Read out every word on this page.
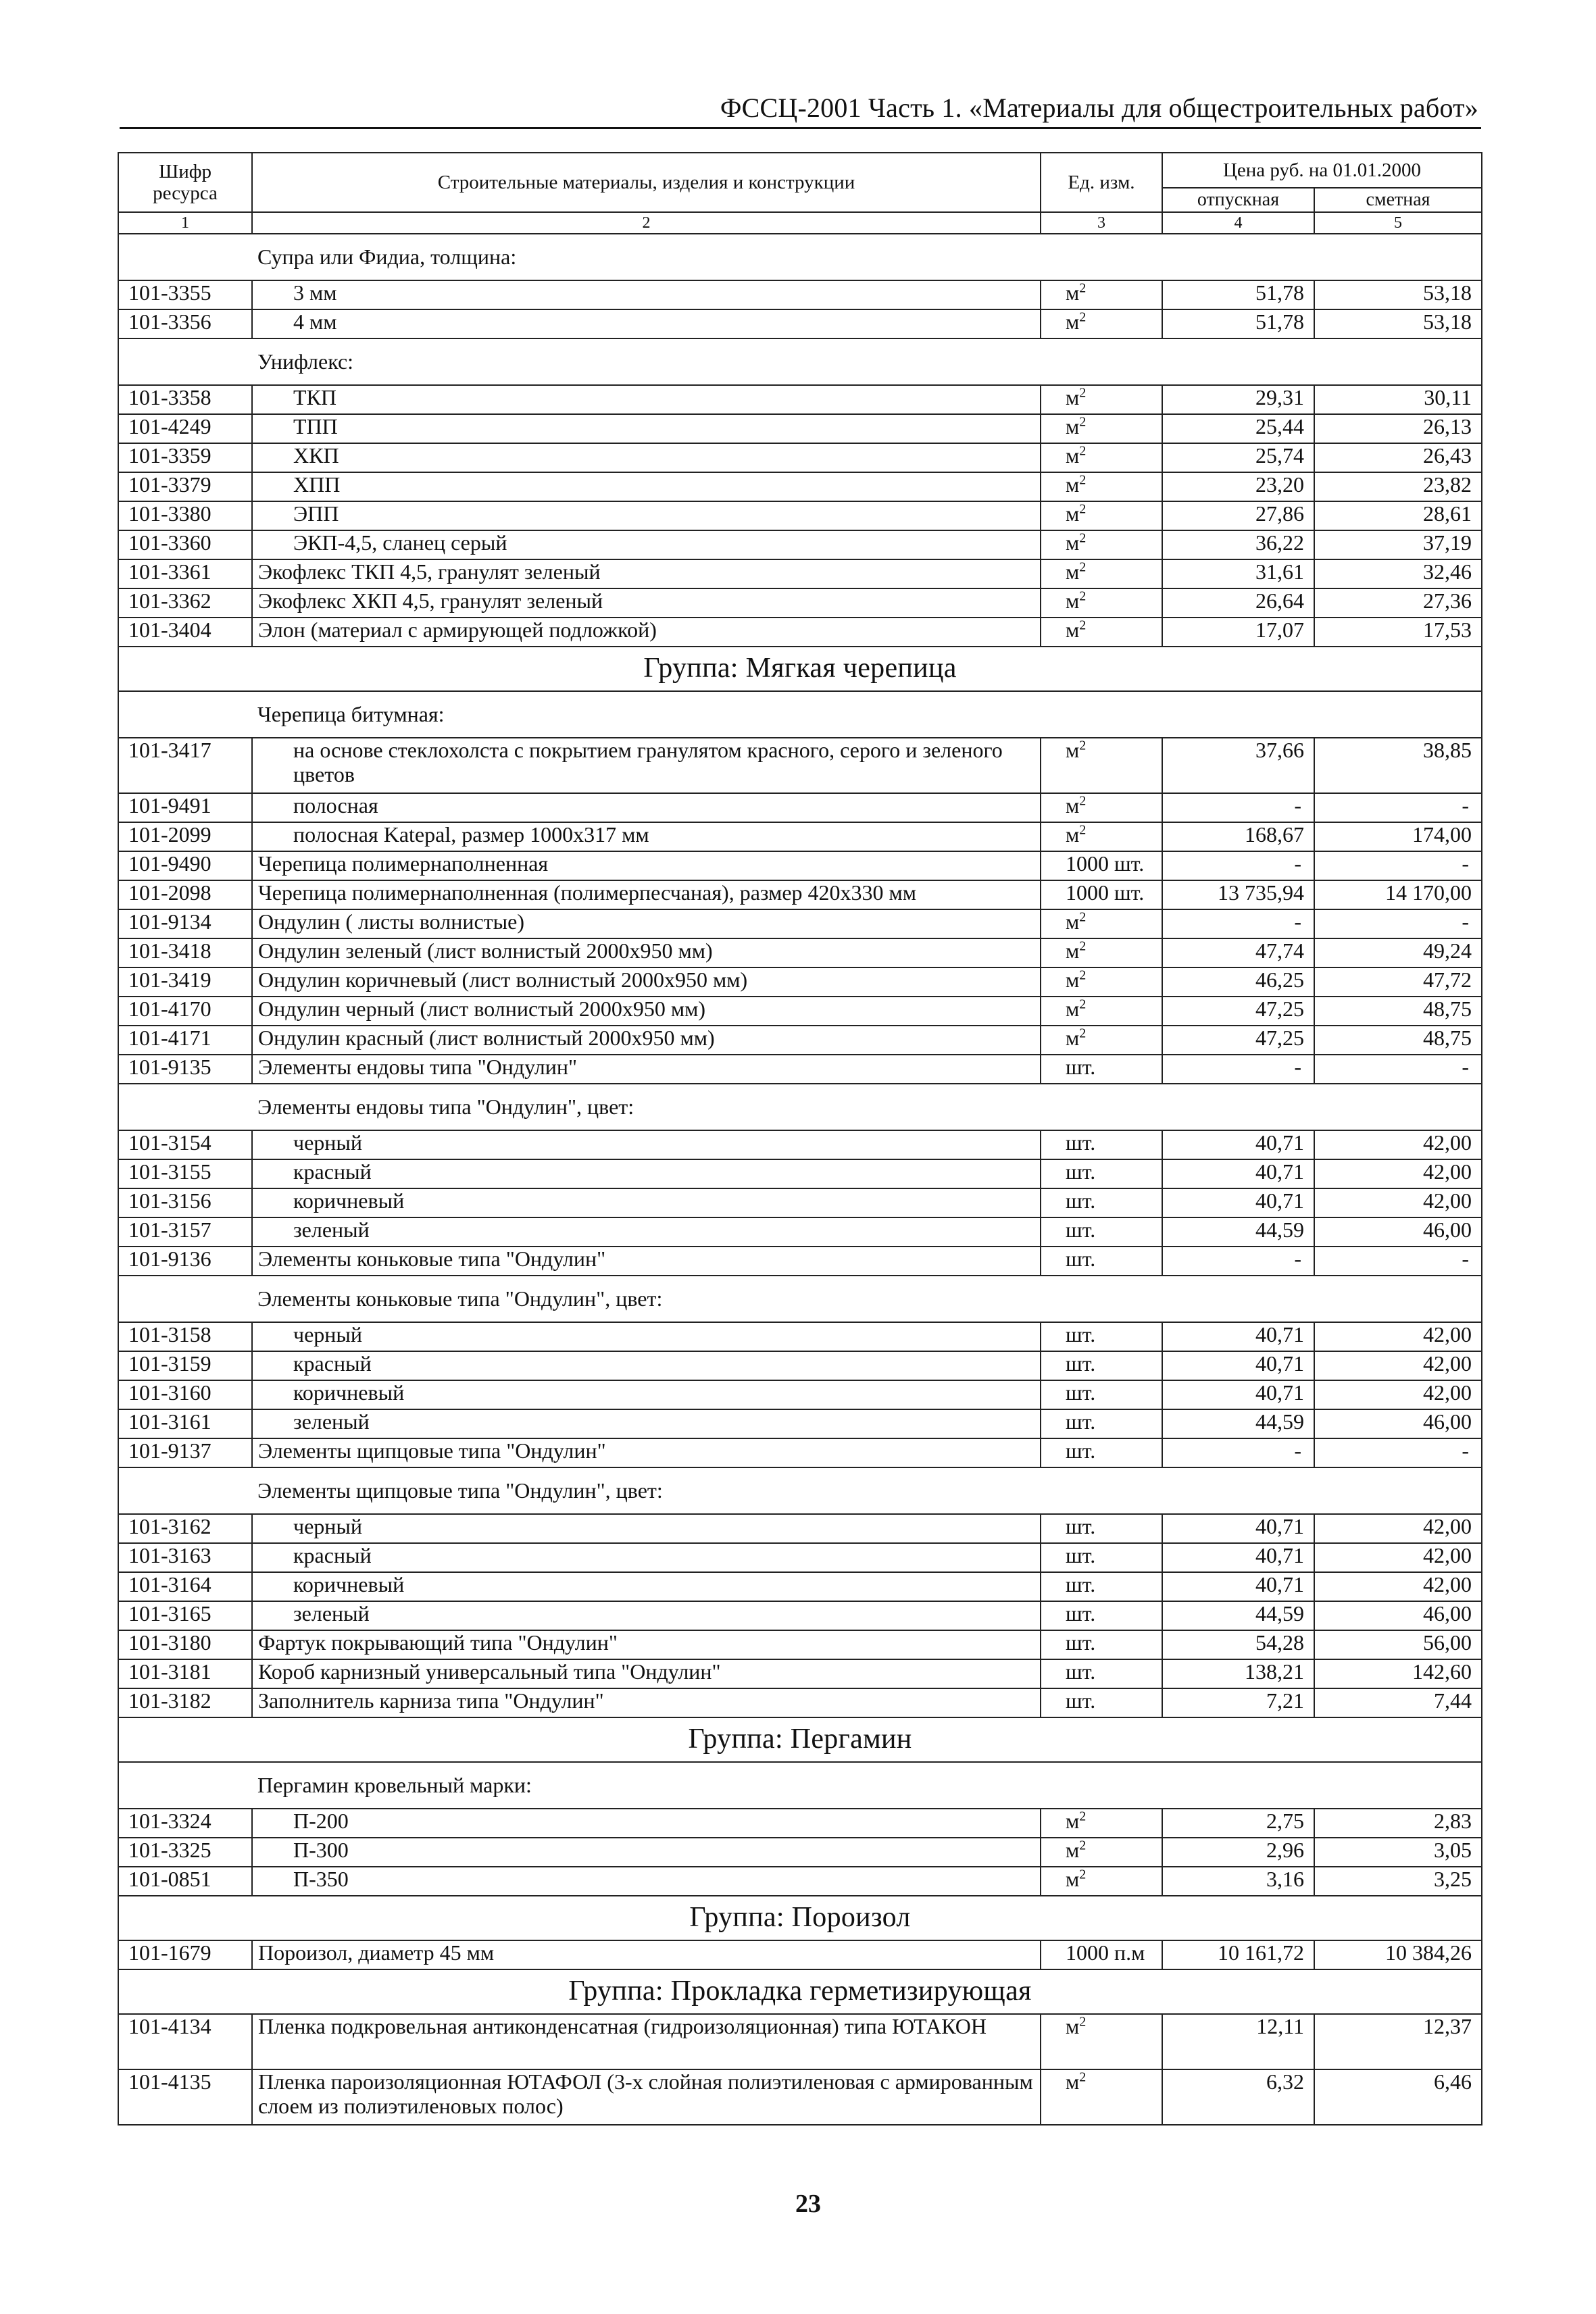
ФССЦ-2001 Часть 1. «Материалы для общестроительных работ»
Шифр ресурса	Строительные материалы, изделия и конструкции	Ед. изм.	Цена руб. на 01.01.2000	
			отпускная	сметная
1	2	3	4	5
	Супра или Фидиа, толщина:			
101-3355	3 мм	$м^2$	51,78	53,18
101-3356	4 мм	$м^2$	51,78	53,18
	Унифлекс:			
101-3358	ТКП	$м^2$	29,31	30,11
101-4249	ТПП	$м^2$	25,44	26,13
101-3359	ХКП	$м^2$	25,74	26,43
101-3379	ХПП	$м^2$	23,20	23,82
101-3380	ЭПП	$м^2$	27,86	28,61
101-3360	ЭКП-4,5, сланец серый	$м^2$	36,22	37,19
101-3361	Экофлекс ТКП 4,5, гранулят зеленый	$м^2$	31,61	32,46
101-3362	Экофлекс ХКП 4,5, гранулят зеленый	$м^2$	26,64	27,36
101-3404	Элон (материал с армирующей подложкой)	$м^2$	17,07	17,53
Группа: Мягкая черепица				
	Черепица битумная:			
101-3417	на основе стеклохолста с покрытием гранулятом красного, серого и зеленого цветов	$м^2$	37,66	38,85
101-9491	полосная	$м^2$	-	-
101-2099	полосная Katepal, размер 1000х317 мм	$м^2$	168,67	174,00
101-9490	Черепица полимернаполненная	1000 шт.	-	-
101-2098	Черепица полимернаполненная (полимерпесчаная), размер 420х330 мм	1000 шт.	13 735,94	14 170,00
101-9134	Ондулин ( листы волнистые)	$м^2$	-	-
101-3418	Ондулин зеленый (лист волнистый 2000х950 мм)	$м^2$	47,74	49,24
101-3419	Ондулин коричневый (лист волнистый 2000х950 мм)	$м^2$	46,25	47,72
101-4170	Ондулин черный (лист волнистый 2000х950 мм)	$м^2$	47,25	48,75
101-4171	Ондулин красный (лист волнистый 2000х950 мм)	$м^2$	47,25	48,75
101-9135	Элементы ендовы типа "Ондулин"	шт.	-	-
	Элементы ендовы типа "Ондулин", цвет:			
101-3154	черный	шт.	40,71	42,00
101-3155	красный	шт.	40,71	42,00
101-3156	коричневый	шт.	40,71	42,00
101-3157	зеленый	шт.	44,59	46,00
101-9136	Элементы коньковые типа "Ондулин"	шт.	-	-
	Элементы коньковые типа "Ондулин", цвет:			
101-3158	черный	шт.	40,71	42,00
101-3159	красный	шт.	40,71	42,00
101-3160	коричневый	шт.	40,71	42,00
101-3161	зеленый	шт.	44,59	46,00
101-9137	Элементы щипцовые типа "Ондулин"	шт.	-	-
	Элементы щипцовые типа "Ондулин", цвет:			
101-3162	черный	шт.	40,71	42,00
101-3163	красный	шт.	40,71	42,00
101-3164	коричневый	шт.	40,71	42,00
101-3165	зеленый	шт.	44,59	46,00
101-3180	Фартук покрывающий типа "Ондулин"	шт.	54,28	56,00
101-3181	Короб карнизный универсальный типа "Ондулин"	шт.	138,21	142,60
101-3182	Заполнитель карниза типа "Ондулин"	шт.	7,21	7,44
Группа: Пергамин				
	Пергамин кровельный марки:			
101-3324	П-200	$м^2$	2,75	2,83
101-3325	П-300	$м^2$	2,96	3,05
101-0851	П-350	$м^2$	3,16	3,25
Группа: Пороизол				
101-1679	Пороизол, диаметр 45 мм	1000 п.м	10 161,72	10 384,26
Группа: Прокладка герметизирующая				
101-4134	Пленка подкровельная антиконденсатная (гидроизоляционная) типа ЮТАКОН	$м^2$	12,11	12,37
101-4135	Пленка пароизоляционная ЮТАФОЛ (3-х слойная полиэтиленовая с армированным слоем из полиэтиленовых полос)	$м^2$	6,32	6,46
23
